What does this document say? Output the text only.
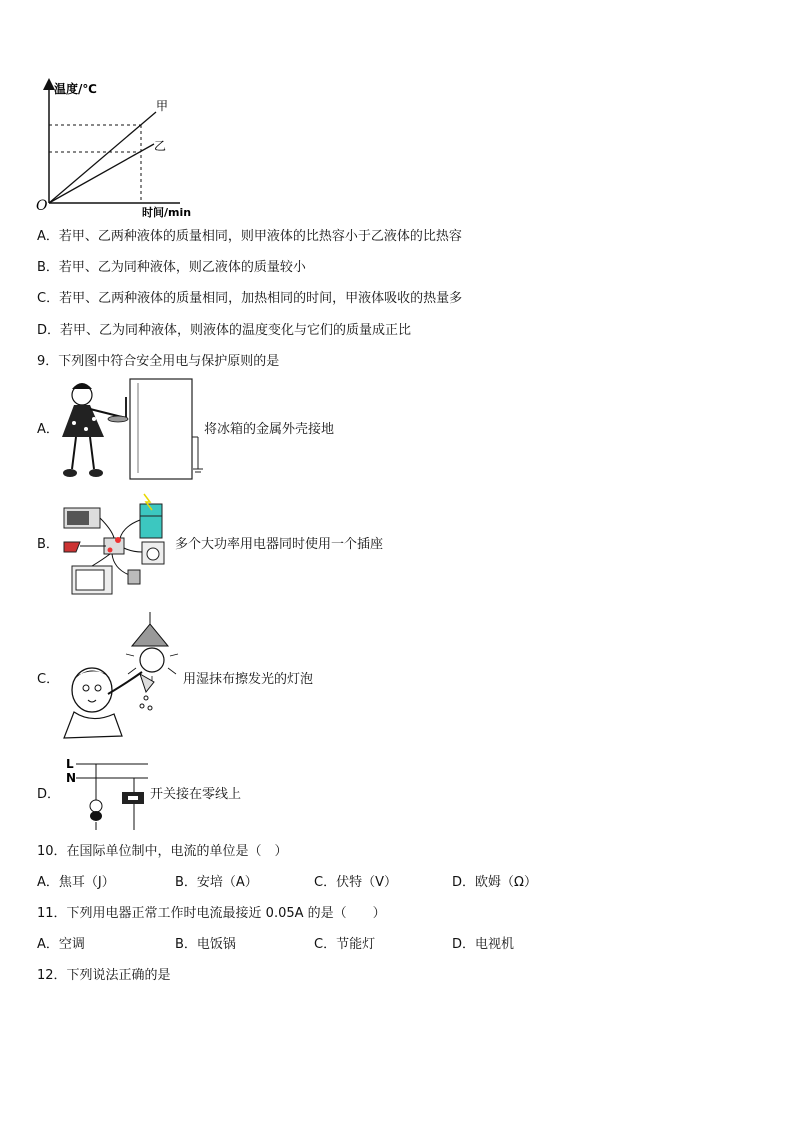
温度/℃
时间/min
O
甲
乙
A．若甲、乙两种液体的质量相同，则甲液体的比热容小于乙液体的比热容
B．若甲、乙为同种液体，则乙液体的质量较小
C．若甲、乙两种液体的质量相同，加热相同的时间，甲液体吸收的热量多
D．若甲、乙为同种液体，则液体的温度变化与它们的质量成正比
9．下列图中符合安全用电与保护原则的是
A．	将冰箱的金属外壳接地
B．	多个大功率用电器同时使用一个插座
C．	用湿抹布擦发光的灯泡
D．
L
N
开关接在零线上
10．在国际单位制中，电流的单位是（　）
A．焦耳（J）	B．安培（A）	C．伏特（V）	D．欧姆（Ω）
11．下列用电器正常工作时电流最接近 0.05A 的是（　　）
A．空调	B．电饭锅	C．节能灯	D．电视机
12．下列说法正确的是
